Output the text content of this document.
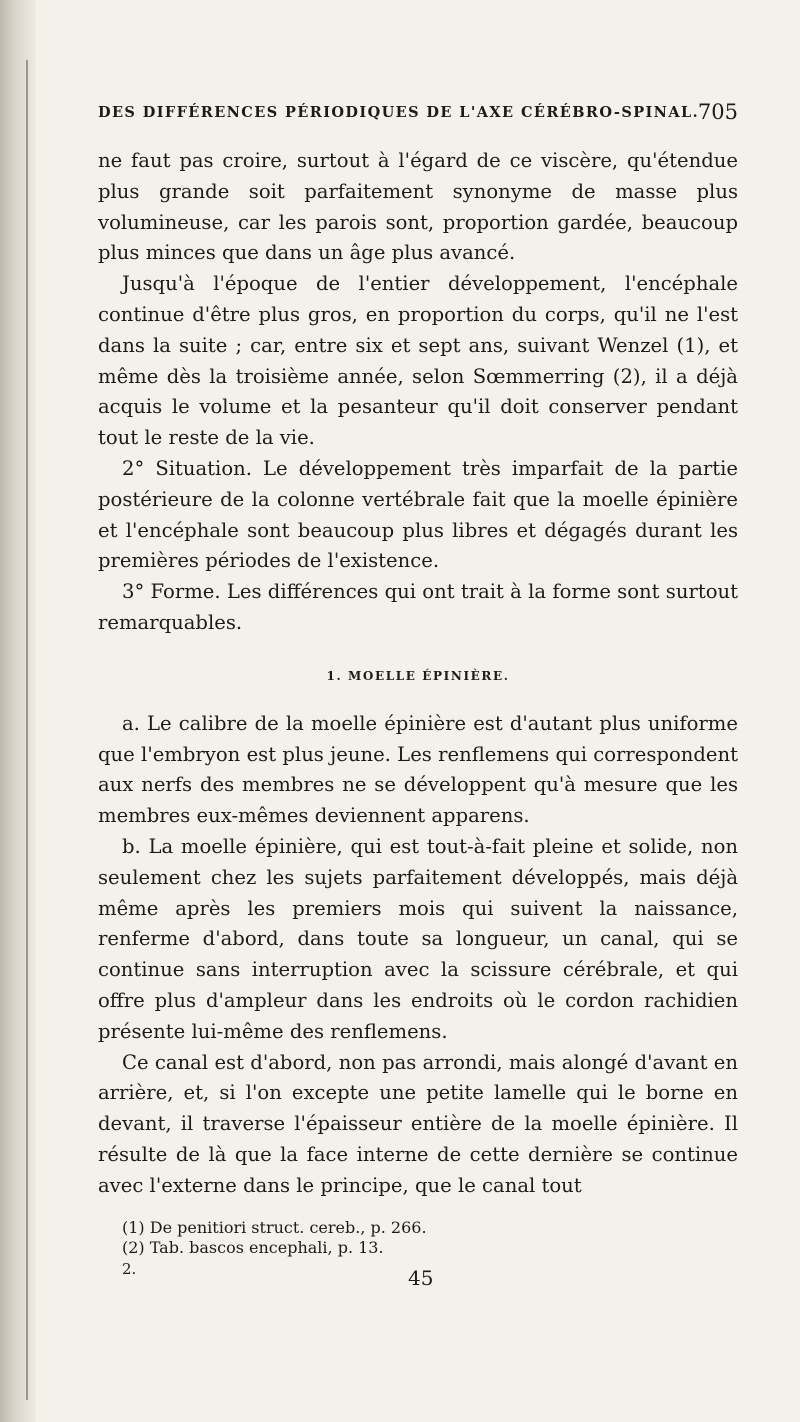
DES DIFFÉRENCES PÉRIODIQUES DE L'AXE CÉRÉBRO-SPINAL.
705

ne faut pas croire, surtout à l'égard de ce viscère, qu'étendue plus grande soit parfaitement synonyme de masse plus volumineuse, car les parois sont, proportion gardée, beaucoup plus minces que dans un âge plus avancé.

Jusqu'à l'époque de l'entier développement, l'encéphale continue d'être plus gros, en proportion du corps, qu'il ne l'est dans la suite ; car, entre six et sept ans, suivant Wenzel (1), et même dès la troisième année, selon Sœmmerring (2), il a déjà acquis le volume et la pesanteur qu'il doit conserver pendant tout le reste de la vie.

2° Situation. Le développement très imparfait de la partie postérieure de la colonne vertébrale fait que la moelle épinière et l'encéphale sont beaucoup plus libres et dégagés durant les premières périodes de l'existence.

3° Forme. Les différences qui ont trait à la forme sont surtout remarquables.

1. MOELLE ÉPINIÈRE.

a. Le calibre de la moelle épinière est d'autant plus uniforme que l'embryon est plus jeune. Les renflemens qui correspondent aux nerfs des membres ne se développent qu'à mesure que les membres eux-mêmes deviennent apparens.

b. La moelle épinière, qui est tout-à-fait pleine et solide, non seulement chez les sujets parfaitement développés, mais déjà même après les premiers mois qui suivent la naissance, renferme d'abord, dans toute sa longueur, un canal, qui se continue sans interruption avec la scissure cérébrale, et qui offre plus d'ampleur dans les endroits où le cordon rachidien présente lui-même des renflemens.

Ce canal est d'abord, non pas arrondi, mais alongé d'avant en arrière, et, si l'on excepte une petite lamelle qui le borne en devant, il traverse l'épaisseur entière de la moelle épinière. Il résulte de là que la face interne de cette dernière se continue avec l'externe dans le principe, que le canal tout

(1) De penitiori struct. cereb., p. 266.
(2) Tab. bascos encephali, p. 13.
2.	45
